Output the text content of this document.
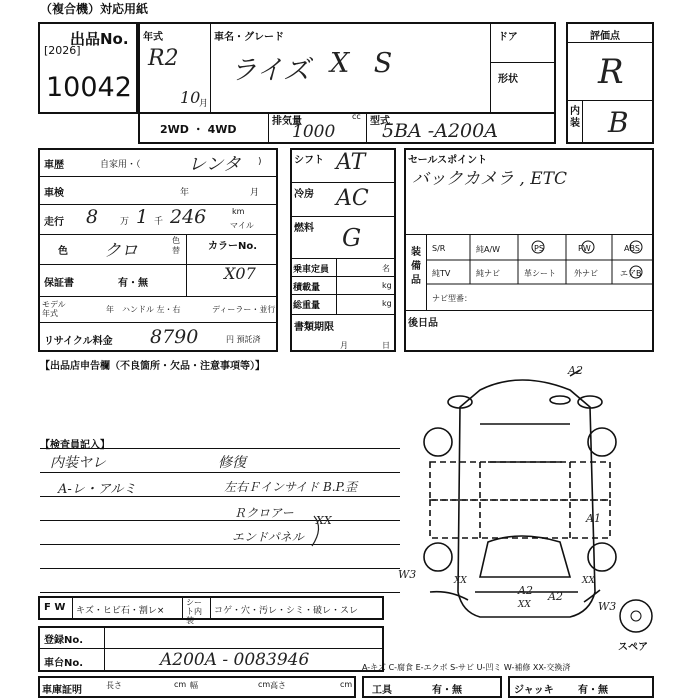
（複合機）対応用紙
出品No.
[2026]
10042
年式
R2
10
月
車名・グレード
ライズ X S
ドア
形状
評価点
R
内装 B
2WD ・ 4WD
排気量	cc
1000
型式
5BA -A200A
車歴	自家用・（	レンタ )
車検	年	月
走行 8 万 1 千 246	km
マイル
色 クロ
色替	カラーNo.
X07
保証書	有・無
モデル年式	年 ハンドル 左・右	ディーラー・並行
リサイクル料金 8790	円 預託済
シフト AT
冷房 AC
燃料 G
乗車定員	名
積載量	kg
総重量	kg
書類期限
月	日
セールスポイント
バックカメラ , ETC
装備品
S/R	純A/W	PS	PW	ABS
純TV	純ナビ	革シート 外ナビ	エアB
ナビ型番：
後日品
【出品店申告欄（不良箇所・欠品・注意事項等）】
【検査員記入】
内装ヤレ
A-レ・アルミ
修復
左右Ｆインサイド B.P.歪
Ｒクロアー
エンドパネル
XX
A2
A1
A2 A2
W3
W3
XX
XX
XX
スペア
F W キズ・ヒビ石・割レ×
シート内装
コゲ・穴・汚レ・シミ・破レ・スレ
登録No.
車台No.	A200A - 0083946	A-キズ C-腐食 E-エクボ S-サビ U-凹ミ W-補修 XX-交換済
車庫証明	長さ	cm 幅	cm 高さ	cm
工具	有・無	ジャッキ 有・無
